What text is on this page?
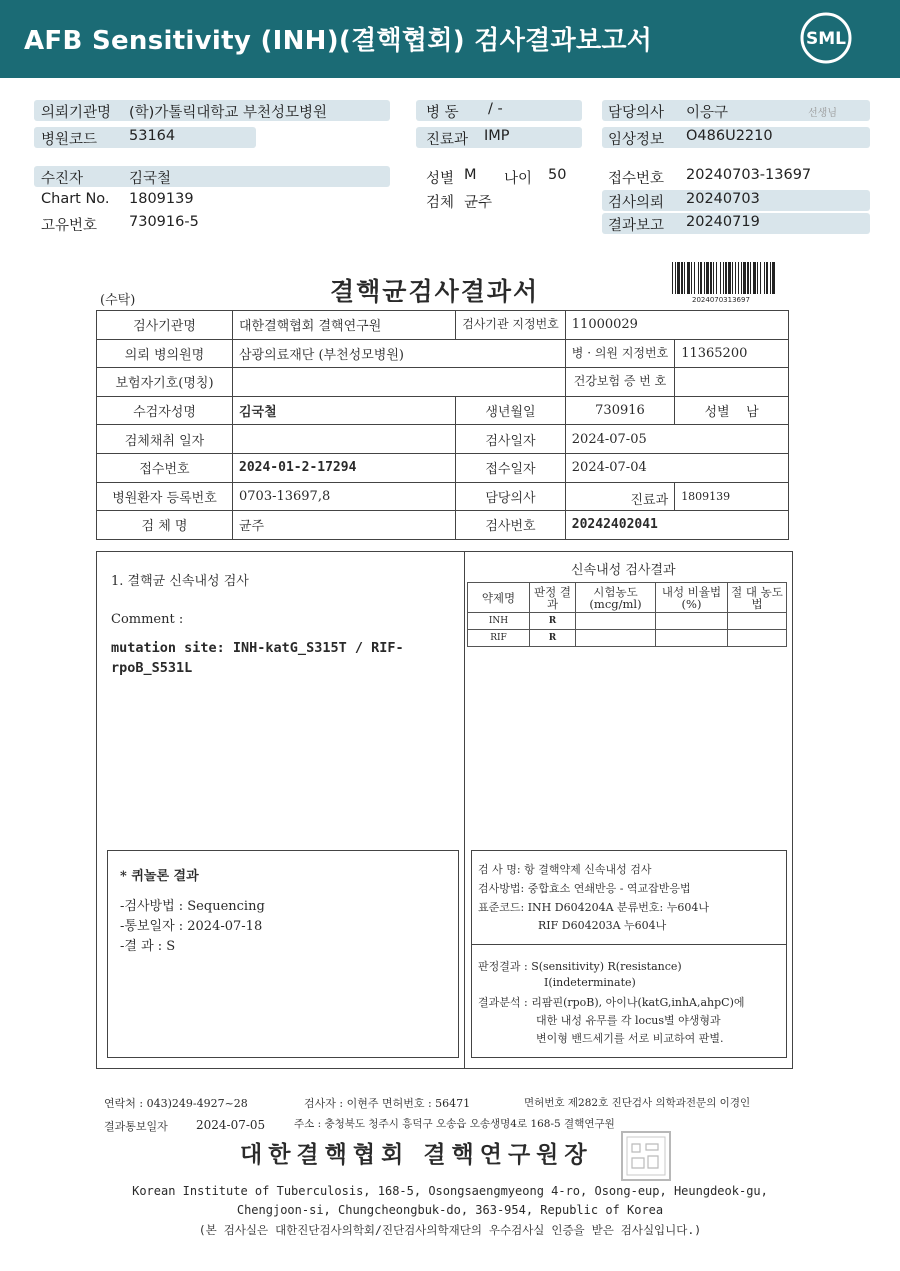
AFB Sensitivity (INH)(결핵협회) 검사결과보고서	SML
의뢰기관명 (학)가톨릭대학교 부천성모병원	병 동 / -	담당의사 이응구	선생님
병원코드 53164	진료과 IMP	임상정보 O486U2210
수진자	김국철	성별 M 나이 50	접수번호 20240703-13697
Chart No. 1809139	검체 균주	검사의뢰 20240703
고유번호 730916-5	결과보고 20240719
(수탁)	결핵균검사결과서	2024070313697
검사기관명	대한결핵협회 결핵연구원	검사기관 지정번호	11000029	
의뢰 병의원명	삼광의료재단 (부천성모병원)		병 · 의원 지정번호	11365200
보험자기호(명칭)			건강보험 증 번 호	
수검자성명	김국철	생년월일	730916	성별 남
검체채취 일자		검사일자	2024-07-05	
접수번호	2024-01-2-17294	접수일자	2024-07-04	
병원환자 등록번호	0703-13697,8	담당의사	진료과	1809139
검 체 명	균주	검사번호	20242402041	
1. 결핵균 신속내성 검사
Comment :
mutation site: INH-katG_S315T / RIF-rpoB_S531L
* 퀴놀론 결과
-검사방법 : Sequencing
-통보일자 : 2024-07-18
-결 과 : S
신속내성 검사결과
약제명	판정 결과	시험농도 (mcg/ml)	내성 비율법(%)	절 대 농도법
INH	R			
RIF	R			
검 사 명: 항 결핵약제 신속내성 검사
검사방법: 중합효소 연쇄반응 - 역교잡반응법
표준코드: INH D604204A 분류번호: 누604나
RIF D604203A 누604나
판정결과 : S(sensitivity) R(resistance)
I(indeterminate)
결과분석 : 리팜핀(rpoB), 아이나(katG,inhA,ahpC)에
대한 내성 유무를 각 locus별 야생형과
변이형 밴드세기를 서로 비교하여 판별.
연락처 : 043)249-4927~28	검사자 : 이현주 면허번호 : 56471	면허번호 제282호 진단검사 의학과전문의 이경인
결과통보일자 2024-07-05	주소 : 충청북도 청주시 흥덕구 오송읍 오송생명4로 168-5 결핵연구원
대한결핵협회 결핵연구원장
Korean Institute of Tuberculosis, 168-5, Osongsaengmyeong 4-ro, Osong-eup, Heungdeok-gu,
Chengjoon-si, Chungcheongbuk-do, 363-954, Republic of Korea
(본 검사실은 대한진단검사의학회/진단검사의학재단의 우수검사실 인증을 받은 검사실입니다.)
